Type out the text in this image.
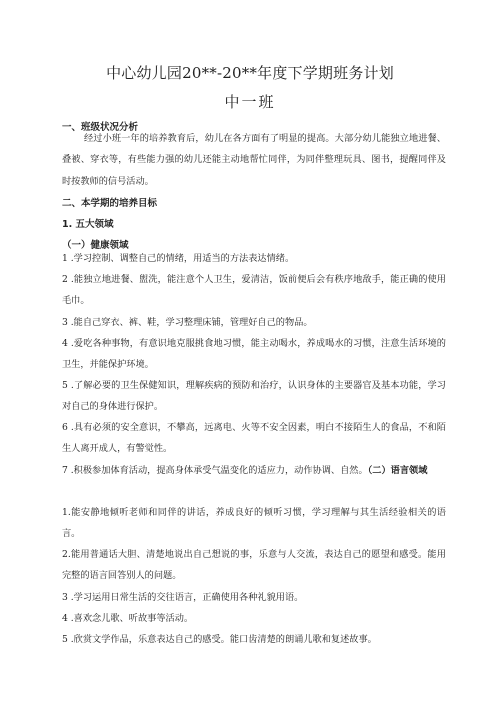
中心幼儿园20**-20**年度下学期班务计划
中一班
一、班级状况分析
经过小班一年的培养教育后，幼儿在各方面有了明显的提高。大部分幼儿能独立地进餐、叠被、穿衣等，有些能力强的幼儿还能主动地帮忙同伴，为同伴整理玩具、图书，提醒同伴及时按教师的信号活动。
二、本学期的培养目标
1. 五大领域
（一）健康领域
1 .学习控制、调整自己的情绪，用适当的方法表达情绪。
2 .能独立地进餐、盥洗，能注意个人卫生，爱清洁，饭前便后会有秩序地敌手，能正确的使用毛巾。
3 .能自己穿衣、裤、鞋，学习整理床铺，管理好自己的物品。
4 .爱吃各种事物，有意识地克服挑食地习惯，能主动喝水，养成喝水的习惯，注意生活环境的卫生，并能保护环境。
5 .了解必要的卫生保健知识，理解疾病的预防和治疗，认识身体的主要器官及基本功能，学习对自己的身体进行保护。
6 .具有必须的安全意识，不攀高，远离电、火等不安全因素，明白不接陌生人的食品，不和陌生人离开成人，有警觉性。
7 .积极参加体育活动，提高身体承受气温变化的适应力，动作协调、自然。（二）语言领域
1.能安静地倾听老师和同伴的讲话，养成良好的倾听习惯，学习理解与其生活经验相关的语言。
2.能用普通话大胆、清楚地说出自己想说的事，乐意与人交流，表达自己的愿望和感受。能用完整的语言回答别人的问题。
3 .学习运用日常生活的交往语言，正确使用各种礼貌用语。
4 .喜欢念儿歌、听故事等活动。
5 .欣赏文学作品，乐意表达自己的感受。能口齿清楚的朗诵儿歌和复述故事。
